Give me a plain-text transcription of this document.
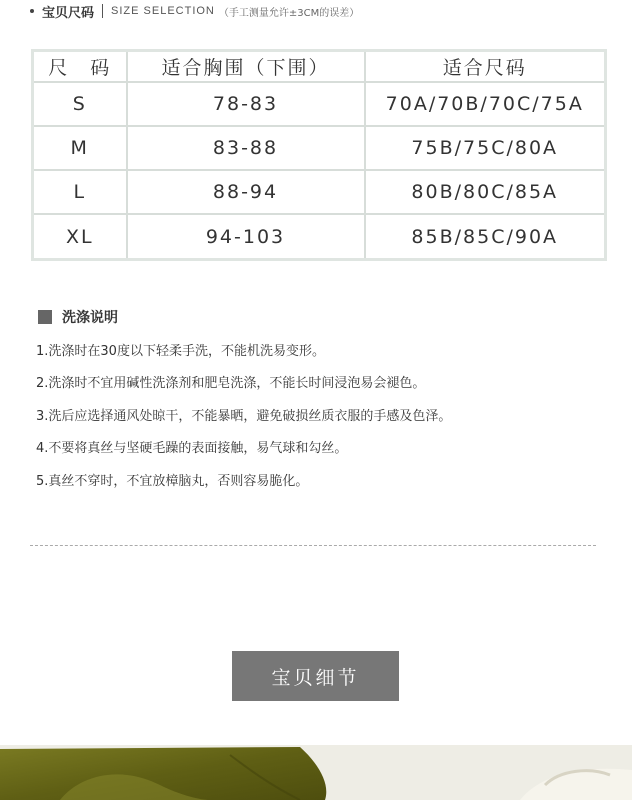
宝贝尺码 SIZE SELECTION （手工测量允许±3CM的误差）
尺　码	适合胸围（下围）	适合尺码
S	78-83	70A/70B/70C/75A
M	83-88	75B/75C/80A
L	88-94	80B/80C/85A
XL	94-103	85B/85C/90A
洗涤说明
1.洗涤时在30度以下轻柔手洗，不能机洗易变形。
2.洗涤时不宜用碱性洗涤剂和肥皂洗涤，不能长时间浸泡易会褪色。
3.洗后应选择通风处晾干，不能暴晒，避免破损丝质衣服的手感及色泽。
4.不要将真丝与坚硬毛躁的表面接触，易气球和勾丝。
5.真丝不穿时，不宜放樟脑丸，否则容易脆化。
宝贝细节
